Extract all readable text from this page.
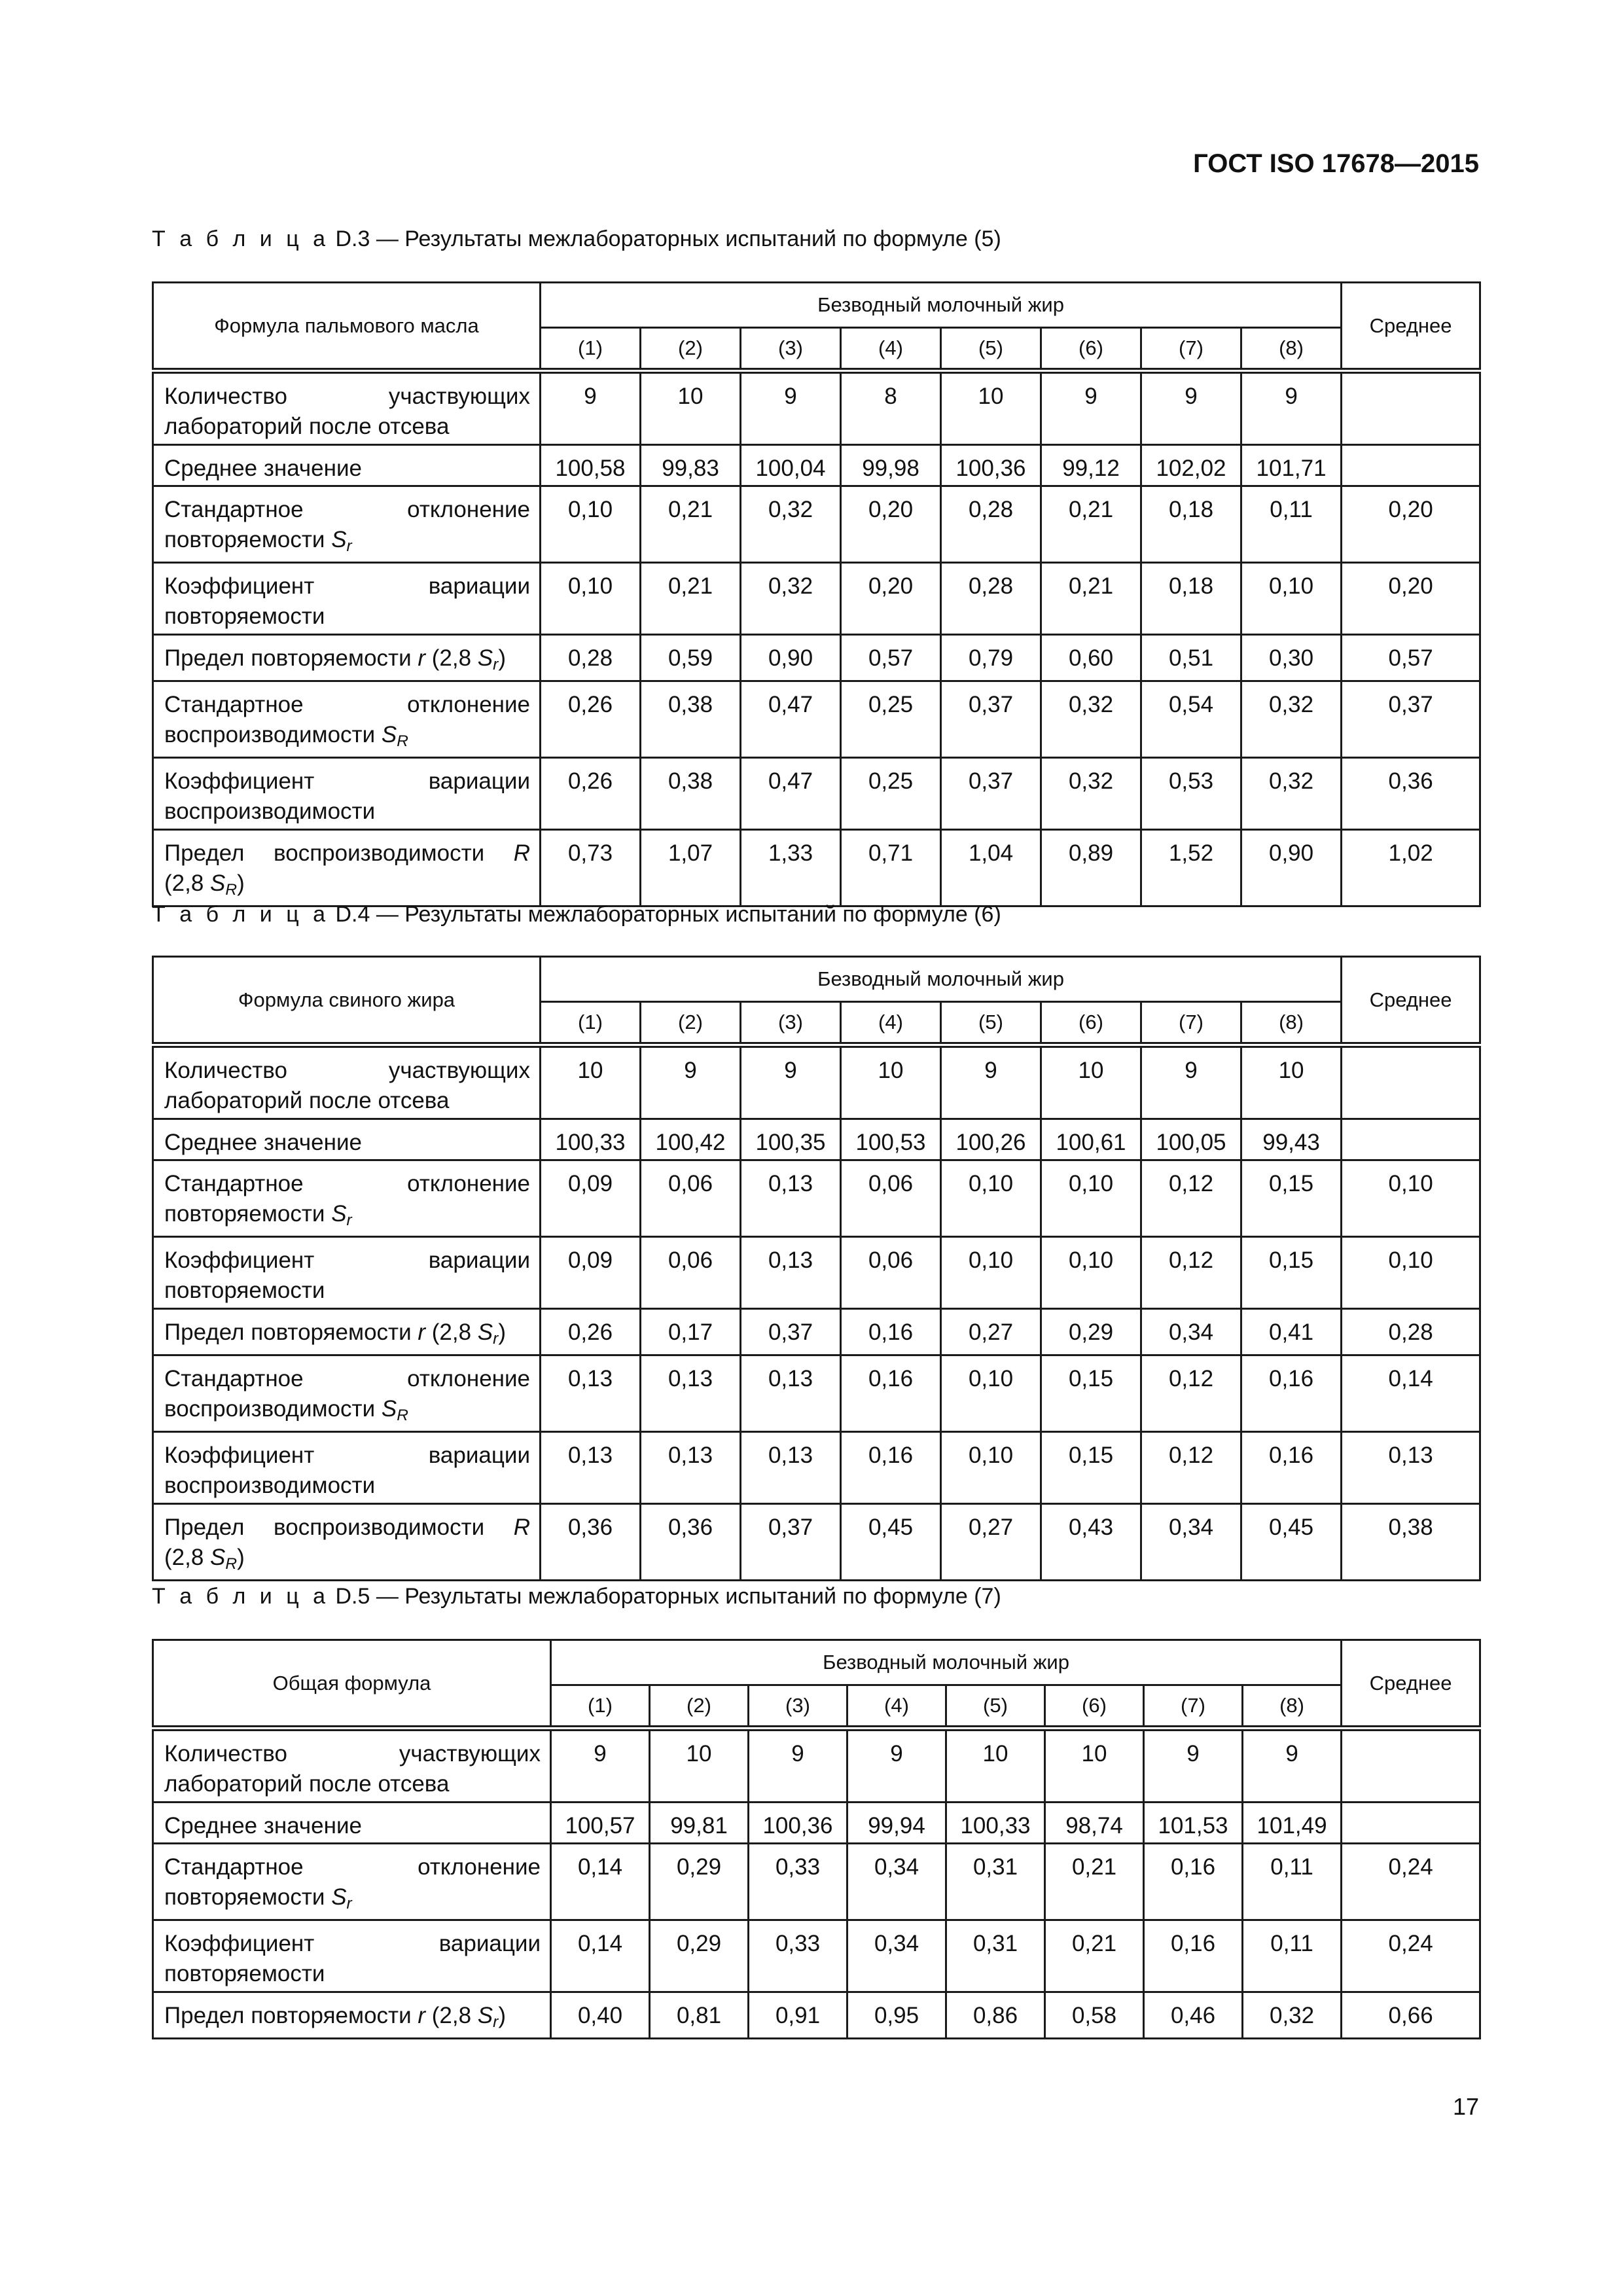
ГОСТ ISO 17678—2015
Т а б л и ц а D.3 — Результаты межлабораторных испытаний по формуле (5)
Формула пальмового масла	Безводный молочный жир								Среднее
	(1)	(2)	(3)	(4)	(5)	(6)	(7)	(8)	
Количество участвующих лабораторий после отсева	9	10	9	8	10	9	9	9	
Среднее значение	100,58	99,83	100,04	99,98	100,36	99,12	102,02	101,71	
Стандартное отклонение повторяемости $S_r$	0,10	0,21	0,32	0,20	0,28	0,21	0,18	0,11	0,20
Коэффициент вариации повторяемости	0,10	0,21	0,32	0,20	0,28	0,21	0,18	0,10	0,20
Предел повторяемости r (2,8 $S_r$)	0,28	0,59	0,90	0,57	0,79	0,60	0,51	0,30	0,57
Стандартное отклонение воспроизводимости $S_R$	0,26	0,38	0,47	0,25	0,37	0,32	0,54	0,32	0,37
Коэффициент вариации воспроизводимости	0,26	0,38	0,47	0,25	0,37	0,32	0,53	0,32	0,36
Предел воспроизводимости R (2,8 $S_R$)	0,73	1,07	1,33	0,71	1,04	0,89	1,52	0,90	1,02
Т а б л и ц а D.4 — Результаты межлабораторных испытаний по формуле (6)
Формула свиного жира	Безводный молочный жир								Среднее
	(1)	(2)	(3)	(4)	(5)	(6)	(7)	(8)	
Количество участвующих лабораторий после отсева	10	9	9	10	9	10	9	10	
Среднее значение	100,33	100,42	100,35	100,53	100,26	100,61	100,05	99,43	
Стандартное отклонение повторяемости $S_r$	0,09	0,06	0,13	0,06	0,10	0,10	0,12	0,15	0,10
Коэффициент вариации повторяемости	0,09	0,06	0,13	0,06	0,10	0,10	0,12	0,15	0,10
Предел повторяемости r (2,8 $S_r$)	0,26	0,17	0,37	0,16	0,27	0,29	0,34	0,41	0,28
Стандартное отклонение воспроизводимости $S_R$	0,13	0,13	0,13	0,16	0,10	0,15	0,12	0,16	0,14
Коэффициент вариации воспроизводимости	0,13	0,13	0,13	0,16	0,10	0,15	0,12	0,16	0,13
Предел воспроизводимости R (2,8 $S_R$)	0,36	0,36	0,37	0,45	0,27	0,43	0,34	0,45	0,38
Т а б л и ц а D.5 — Результаты межлабораторных испытаний по формуле (7)
Общая формула	Безводный молочный жир								Среднее
	(1)	(2)	(3)	(4)	(5)	(6)	(7)	(8)	
Количество участвующих лабораторий после отсева	9	10	9	9	10	10	9	9	
Среднее значение	100,57	99,81	100,36	99,94	100,33	98,74	101,53	101,49	
Стандартное отклонение повторяемости $S_r$	0,14	0,29	0,33	0,34	0,31	0,21	0,16	0,11	0,24
Коэффициент вариации повторяемости	0,14	0,29	0,33	0,34	0,31	0,21	0,16	0,11	0,24
Предел повторяемости r (2,8 $S_r$)	0,40	0,81	0,91	0,95	0,86	0,58	0,46	0,32	0,66
17
